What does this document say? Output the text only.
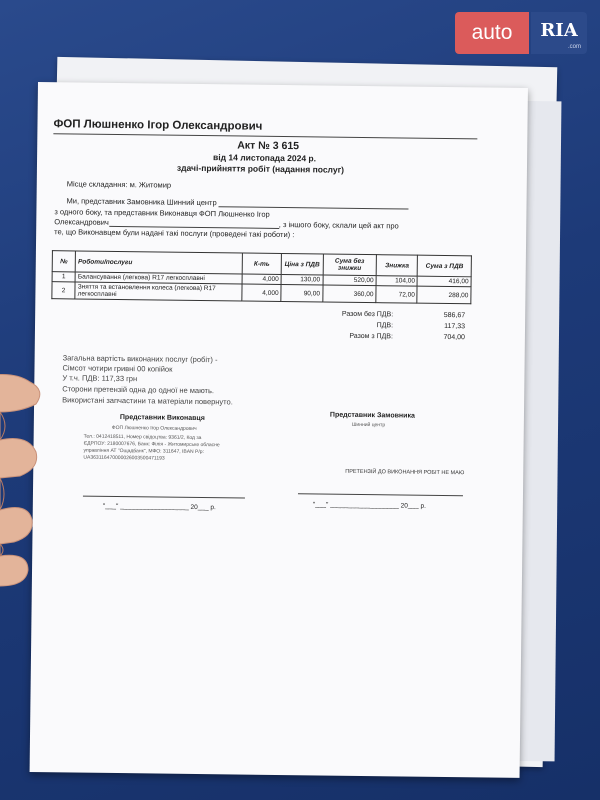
ФОП Люшненко Ігор Олександрович
Акт № 3 615
від 14 листопада 2024 р.
здачі-прийняття робіт (надання послуг)
Місце складання: м. Житомир
Ми, представник Замовника Шинний центр
з одного боку, та представник Виконавця ФОП Люшненко Ігор
Олександрович	, з іншого боку, склали цей акт про
те, що Виконавцем були надані такі послуги (проведені такі роботи) :
№	Роботи/послуги	К-ть	Ціна з ПДВ	Сума без знижки	Знижка	Сума з ПДВ
1	Балансування (легкова) R17 легкосплавні	4,000	130,00	520,00	104,00	416,00
2	Зняття та встановлення колеса (легкова) R17 легкосплавні	4,000	90,00	360,00	72,00	288,00
Разом без ПДВ:	586,67
ПДВ:	117,33
Разом з ПДВ:	704,00
Загальна вартість виконаних послуг (робіт) -
Сімсот чотири гривні 00 копійок
У т.ч. ПДВ: 117,33 грн
Сторони претензій одна до одної не мають.
Використані запчастини та матеріали повернуто.
Представник Виконавця
ФОП Люшненко Ігор Олександрович
Тел.: 0412418511, Номер свідоцтва: 9361/2, Код за
ЄДРПОУ: 2180007676, Банк: Філія - Житомирське обласне
управління АТ "Ощадбанк", МФО: 311647, IBAN Р/р:
UA363116470000026003500471193
Представник Замовника
Шинний центр
ПРЕТЕНЗІЙ ДО ВИКОНАННЯ РОБІТ НЕ МАЮ
"___" ___________________ 20___ р.	"___" ___________________ 20___ р.
auto	RIA
.com
